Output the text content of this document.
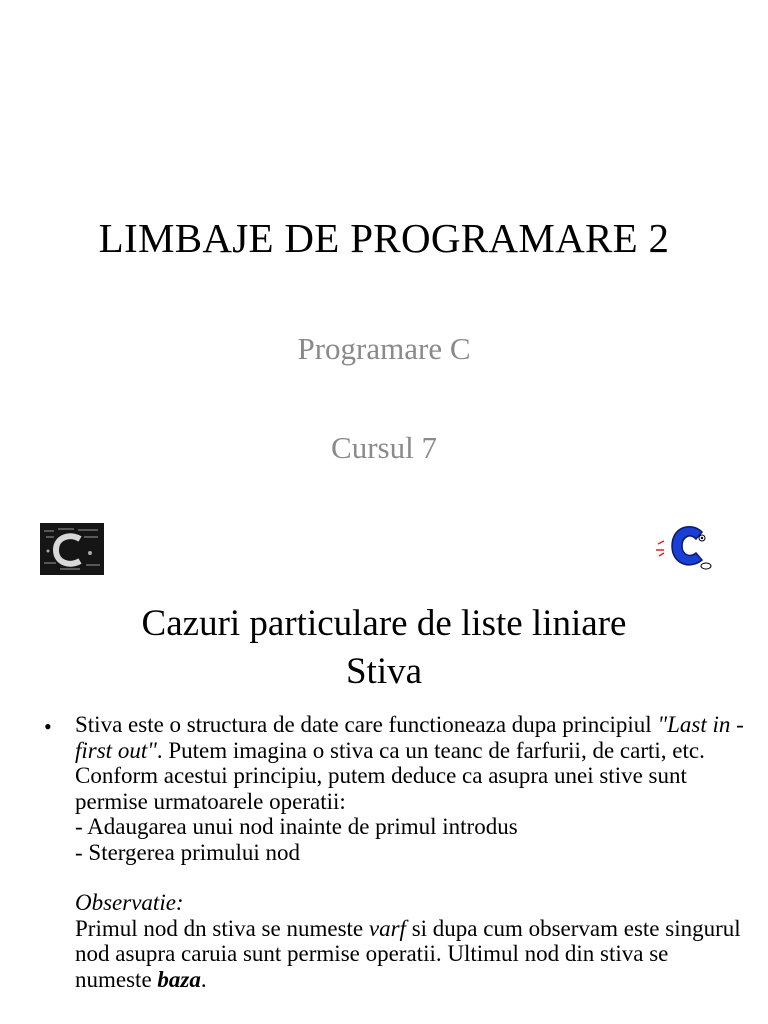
LIMBAJE DE PROGRAMARE 2
Programare C
Cursul 7
Cazuri particulare de liste liniare
Stiva
• Stiva este o structura de date care functioneaza dupa principiul "Last in - first out". Putem imagina o stiva ca un teanc de farfurii, de carti, etc. Conform acestui principiu, putem deduce ca asupra unei stive sunt permise urmatoarele operatii:

- Adaugarea unui nod inainte de primul introdus

- Stergerea primului nod

Observatie:

Primul nod dn stiva se numeste varf si dupa cum observam este singurul nod asupra caruia sunt permise operatii. Ultimul nod din stiva se numeste baza.
